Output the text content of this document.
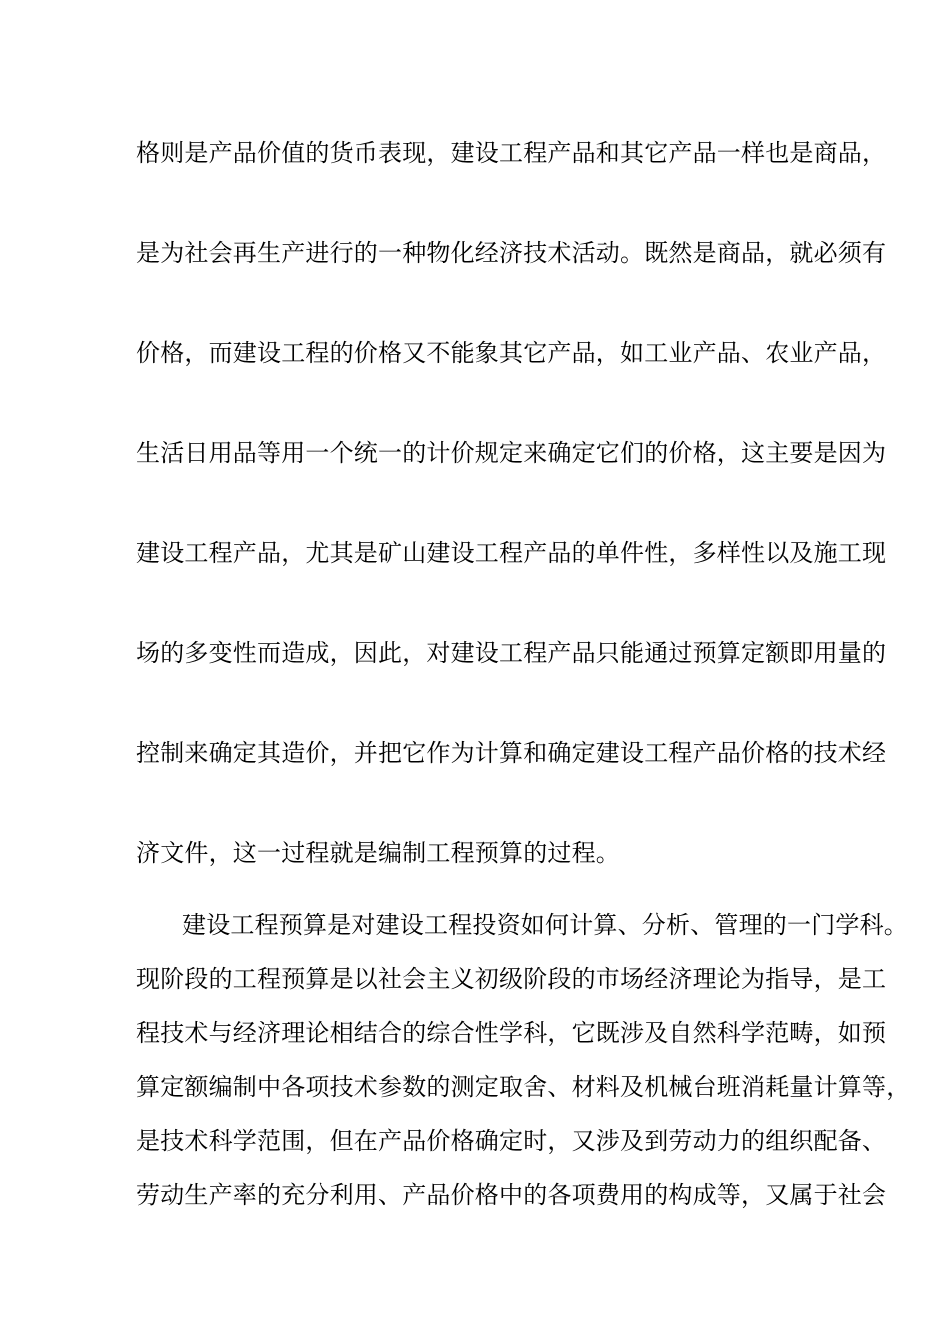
格则是产品价值的货币表现，建设工程产品和其它产品一样也是商品，
是为社会再生产进行的一种物化经济技术活动。既然是商品，就必须有
价格，而建设工程的价格又不能象其它产品，如工业产品、农业产品，
生活日用品等用一个统一的计价规定来确定它们的价格，这主要是因为
建设工程产品，尤其是矿山建设工程产品的单件性，多样性以及施工现
场的多变性而造成，因此，对建设工程产品只能通过预算定额即用量的
控制来确定其造价，并把它作为计算和确定建设工程产品价格的技术经
济文件，这一过程就是编制工程预算的过程。
建设工程预算是对建设工程投资如何计算、分析、管理的一门学科。
现阶段的工程预算是以社会主义初级阶段的市场经济理论为指导，是工
程技术与经济理论相结合的综合性学科，它既涉及自然科学范畴，如预
算定额编制中各项技术参数的测定取舍、材料及机械台班消耗量计算等，
是技术科学范围，但在产品价格确定时，又涉及到劳动力的组织配备、
劳动生产率的充分利用、产品价格中的各项费用的构成等，又属于社会
